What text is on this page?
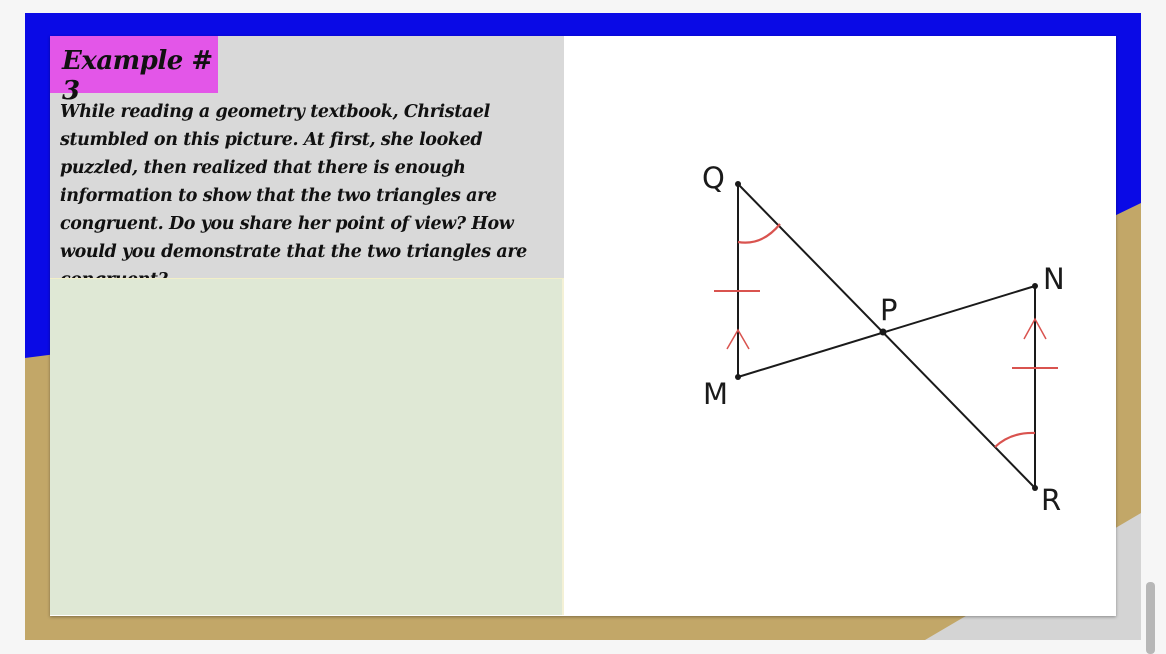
Example # 3

While reading a geometry textbook, Christael stumbled on this picture. At first, she looked puzzled, then realized that there is enough information to show that the two triangles are congruent. Do you share her point of view? How would you demonstrate that the two triangles are

Q
M
P
N
R
